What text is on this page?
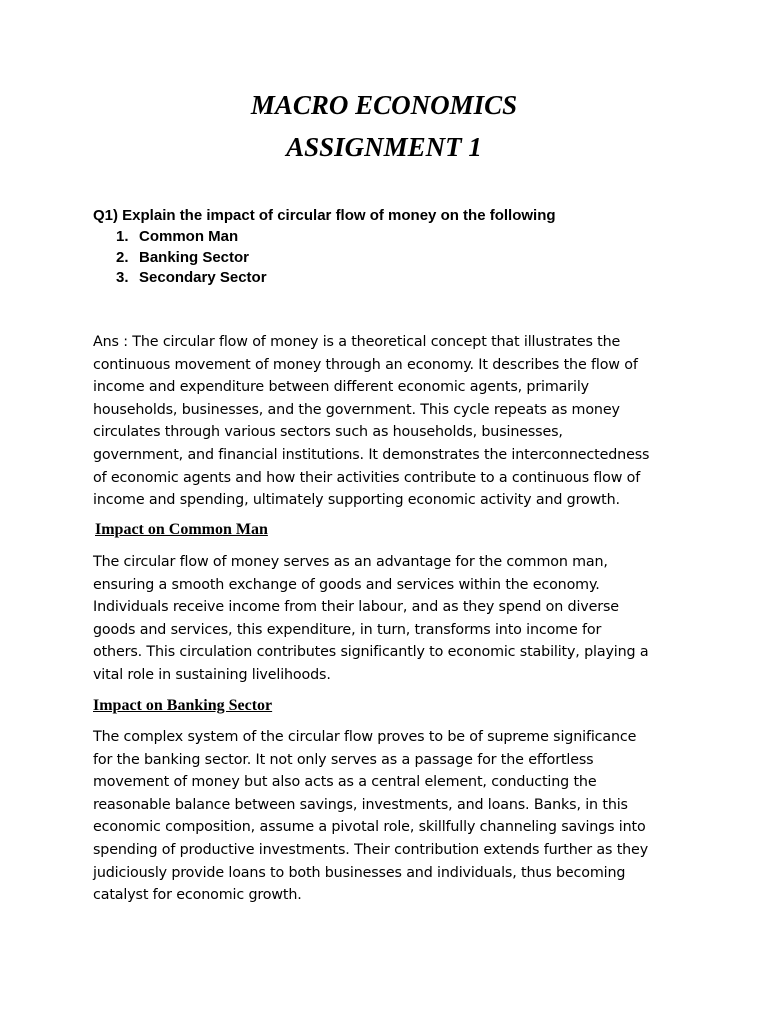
MACRO ECONOMICS
ASSIGNMENT 1

Q1) Explain the impact of circular flow of money on the following

1. Common Man
2. Banking Sector
3. Secondary Sector

Ans : The circular flow of money is a theoretical concept that illustrates the
continuous movement of money through an economy. It describes the flow of
income and expenditure between different economic agents, primarily
households, businesses, and the government. This cycle repeats as money
circulates through various sectors such as households, businesses,
government, and financial institutions. It demonstrates the interconnectedness
of economic agents and how their activities contribute to a continuous flow of
income and spending, ultimately supporting economic activity and growth.

Impact on Common Man

The circular flow of money serves as an advantage for the common man,
ensuring a smooth exchange of goods and services within the economy.
Individuals receive income from their labour, and as they spend on diverse
goods and services, this expenditure, in turn, transforms into income for
others. This circulation contributes significantly to economic stability, playing a
vital role in sustaining livelihoods.

Impact on Banking Sector

The complex system of the circular flow proves to be of supreme significance
for the banking sector. It not only serves as a passage for the effortless
movement of money but also acts as a central element, conducting the
reasonable balance between savings, investments, and loans. Banks, in this
economic composition, assume a pivotal role, skillfully channeling savings into
spending of productive investments. Their contribution extends further as they
judiciously provide loans to both businesses and individuals, thus becoming
catalyst for economic growth.
